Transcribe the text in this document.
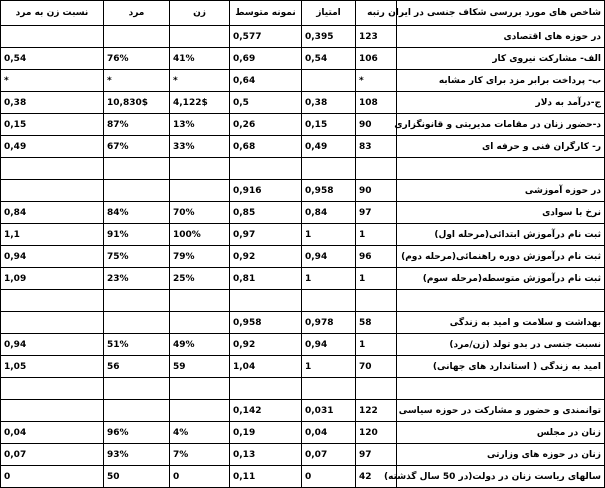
شاخص های مورد بررسی شکاف جنسی در ایران	رتبه	امتیاز	نمونه متوسط	زن	مرد	نسبت زن به مرد
در حوزه های اقتصادی	123	0,395	0,577			
الف- مشارکت نیروی کار	106	0,54	0,69	41%	76%	0,54
ب- پرداخت برابر مزد برای کار مشابه	*		0,64	*	*	*
ج-درآمد به دلار	108	0,38	0,5	4,122$	10,830$	0,38
د-حضور زنان در مقامات مدیریتی و قانونگزاری	90	0,15	0,26	13%	87%	0,15
ر- کارگران فنی و حرفه ای	83	0,49	0,68	33%	67%	0,49

در حوزه آموزشی	90	0,958	0,916			
نرخ با سوادی	97	0,84	0,85	70%	84%	0,84
ثبت نام درآموزش ابتدائی(مرحله اول)	1	1	0,97	100%	91%	1,1
ثبت نام درآموزش دوره راهنمائی(مرحله دوم)	96	0,94	0,92	79%	75%	0,94
ثبت نام درآموزش متوسطه(مرحله سوم)	1	1	0,81	25%	23%	1,09

بهداشت و سلامت و امید به زندگی	58	0,978	0,958			
نسبت جنسی در بدو تولد (زن/مرد)	1	0,94	0,92	49%	51%	0,94
امید به زندگی ( استاندارد های جهانی)	70	1	1,04	59	56	1,05

توانمندی و حضور و مشارکت در حوزه سیاسی	122	0,031	0,142			
زنان در مجلس	120	0,04	0,19	4%	96%	0,04
زنان در حوزه های وزارتی	97	0,07	0,13	7%	93%	0,07
سالهای ریاست زنان در دولت(در 50 سال گذشته)	42	0	0,11	0	50	0
